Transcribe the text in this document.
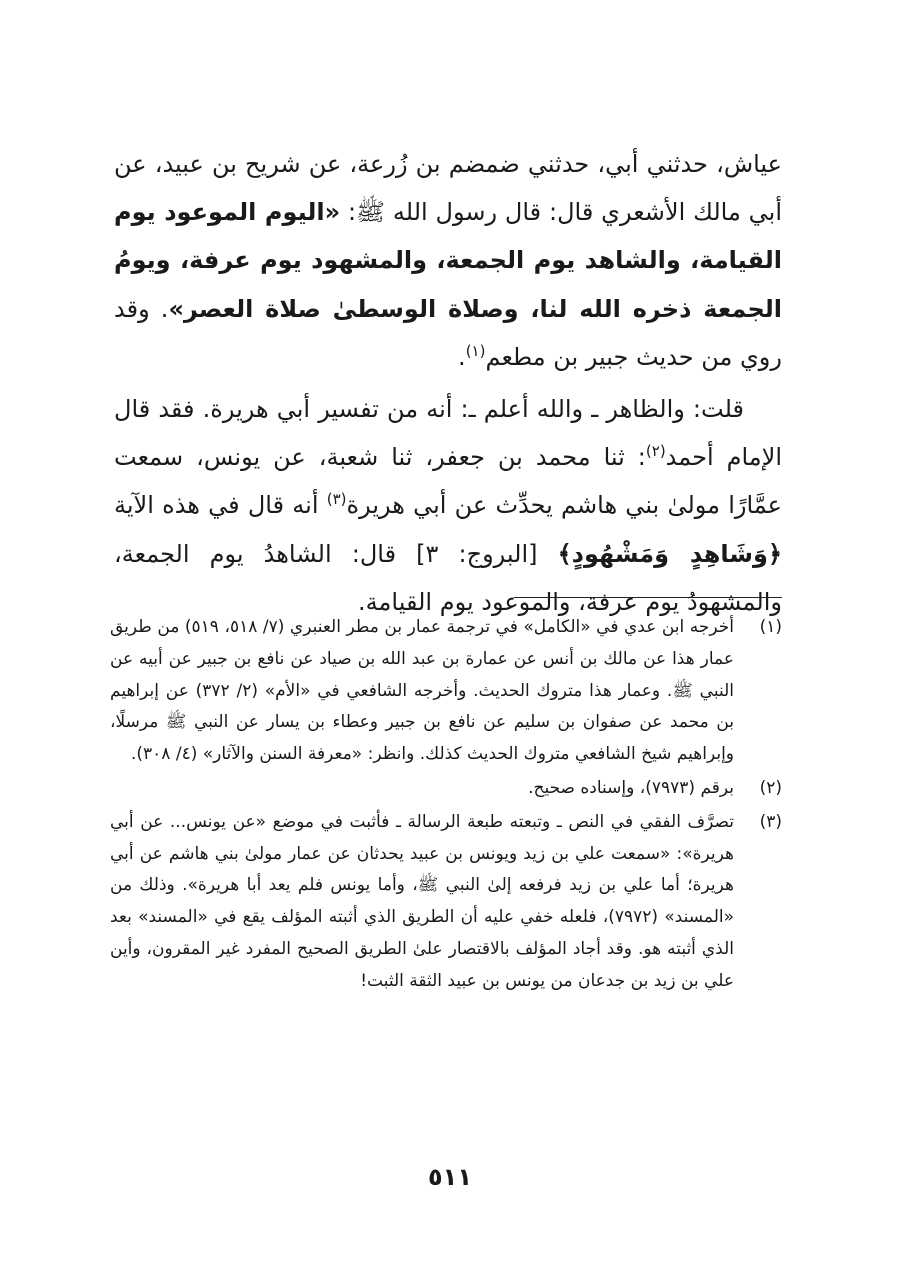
عياش، حدثني أبي، حدثني ضمضم بن زُرعة، عن شريح بن عبيد، عن أبي مالك الأشعري قال: قال رسول الله ﷺ: «اليوم الموعود يوم القيامة، والشاهد يوم الجمعة، والمشهود يوم عرفة، ويومُ الجمعة ذخره الله لنا، وصلاة الوسطىٰ صلاة العصر». وقد روي من حديث جبير بن مطعم$^{(١)}$.

قلت: والظاهر ـ والله أعلم ـ: أنه من تفسير أبي هريرة. فقد قال الإمام أحمد$^{(٢)}$: ثنا محمد بن جعفر، ثنا شعبة، عن يونس، سمعت عمَّارًا مولىٰ بني هاشم يحدِّث عن أبي هريرة$^{(٣)}$ أنه قال في هذه الآية ﴿وَشَاهِدٍ وَمَشْهُودٍ﴾ [البروج: ٣] قال: الشاهدُ يوم الجمعة، والمشهودُ يوم عرفة، والموعود يوم القيامة.

(١)
أخرجه ابن عدي في «الكامل» في ترجمة عمار بن مطر العنبري (٧/ ٥١٨، ٥١٩) من طريق عمار هذا عن مالك بن أنس عن عمارة بن عبد الله بن صياد عن نافع بن جبير عن أبيه عن النبي ﷺ. وعمار هذا متروك الحديث. وأخرجه الشافعي في «الأم» (٢/ ٣٧٢) عن إبراهيم بن محمد عن صفوان بن سليم عن نافع بن جبير وعطاء بن يسار عن النبي ﷺ مرسلًا، وإبراهيم شيخ الشافعي متروك الحديث كذلك. وانظر: «معرفة السنن والآثار» (٤/ ٣٠٨).
(٢)
برقم (٧٩٧٣)، وإسناده صحيح.
(٣)
تصرَّف الفقي في النص ـ وتبعته طبعة الرسالة ـ فأثبت في موضع «عن يونس... عن أبي هريرة»: «سمعت علي بن زيد ويونس بن عبيد يحدثان عن عمار مولىٰ بني هاشم عن أبي هريرة؛ أما علي بن زيد فرفعه إلىٰ النبي ﷺ، وأما يونس فلم يعد أبا هريرة». وذلك من «المسند» (٧٩٧٢)، فلعله خفي عليه أن الطريق الذي أثبته المؤلف يقع في «المسند» بعد الذي أثبته هو. وقد أجاد المؤلف بالاقتصار علىٰ الطريق الصحيح المفرد غير المقرون، وأين علي بن زيد بن جدعان من يونس بن عبيد الثقة الثبت!
٥١١
